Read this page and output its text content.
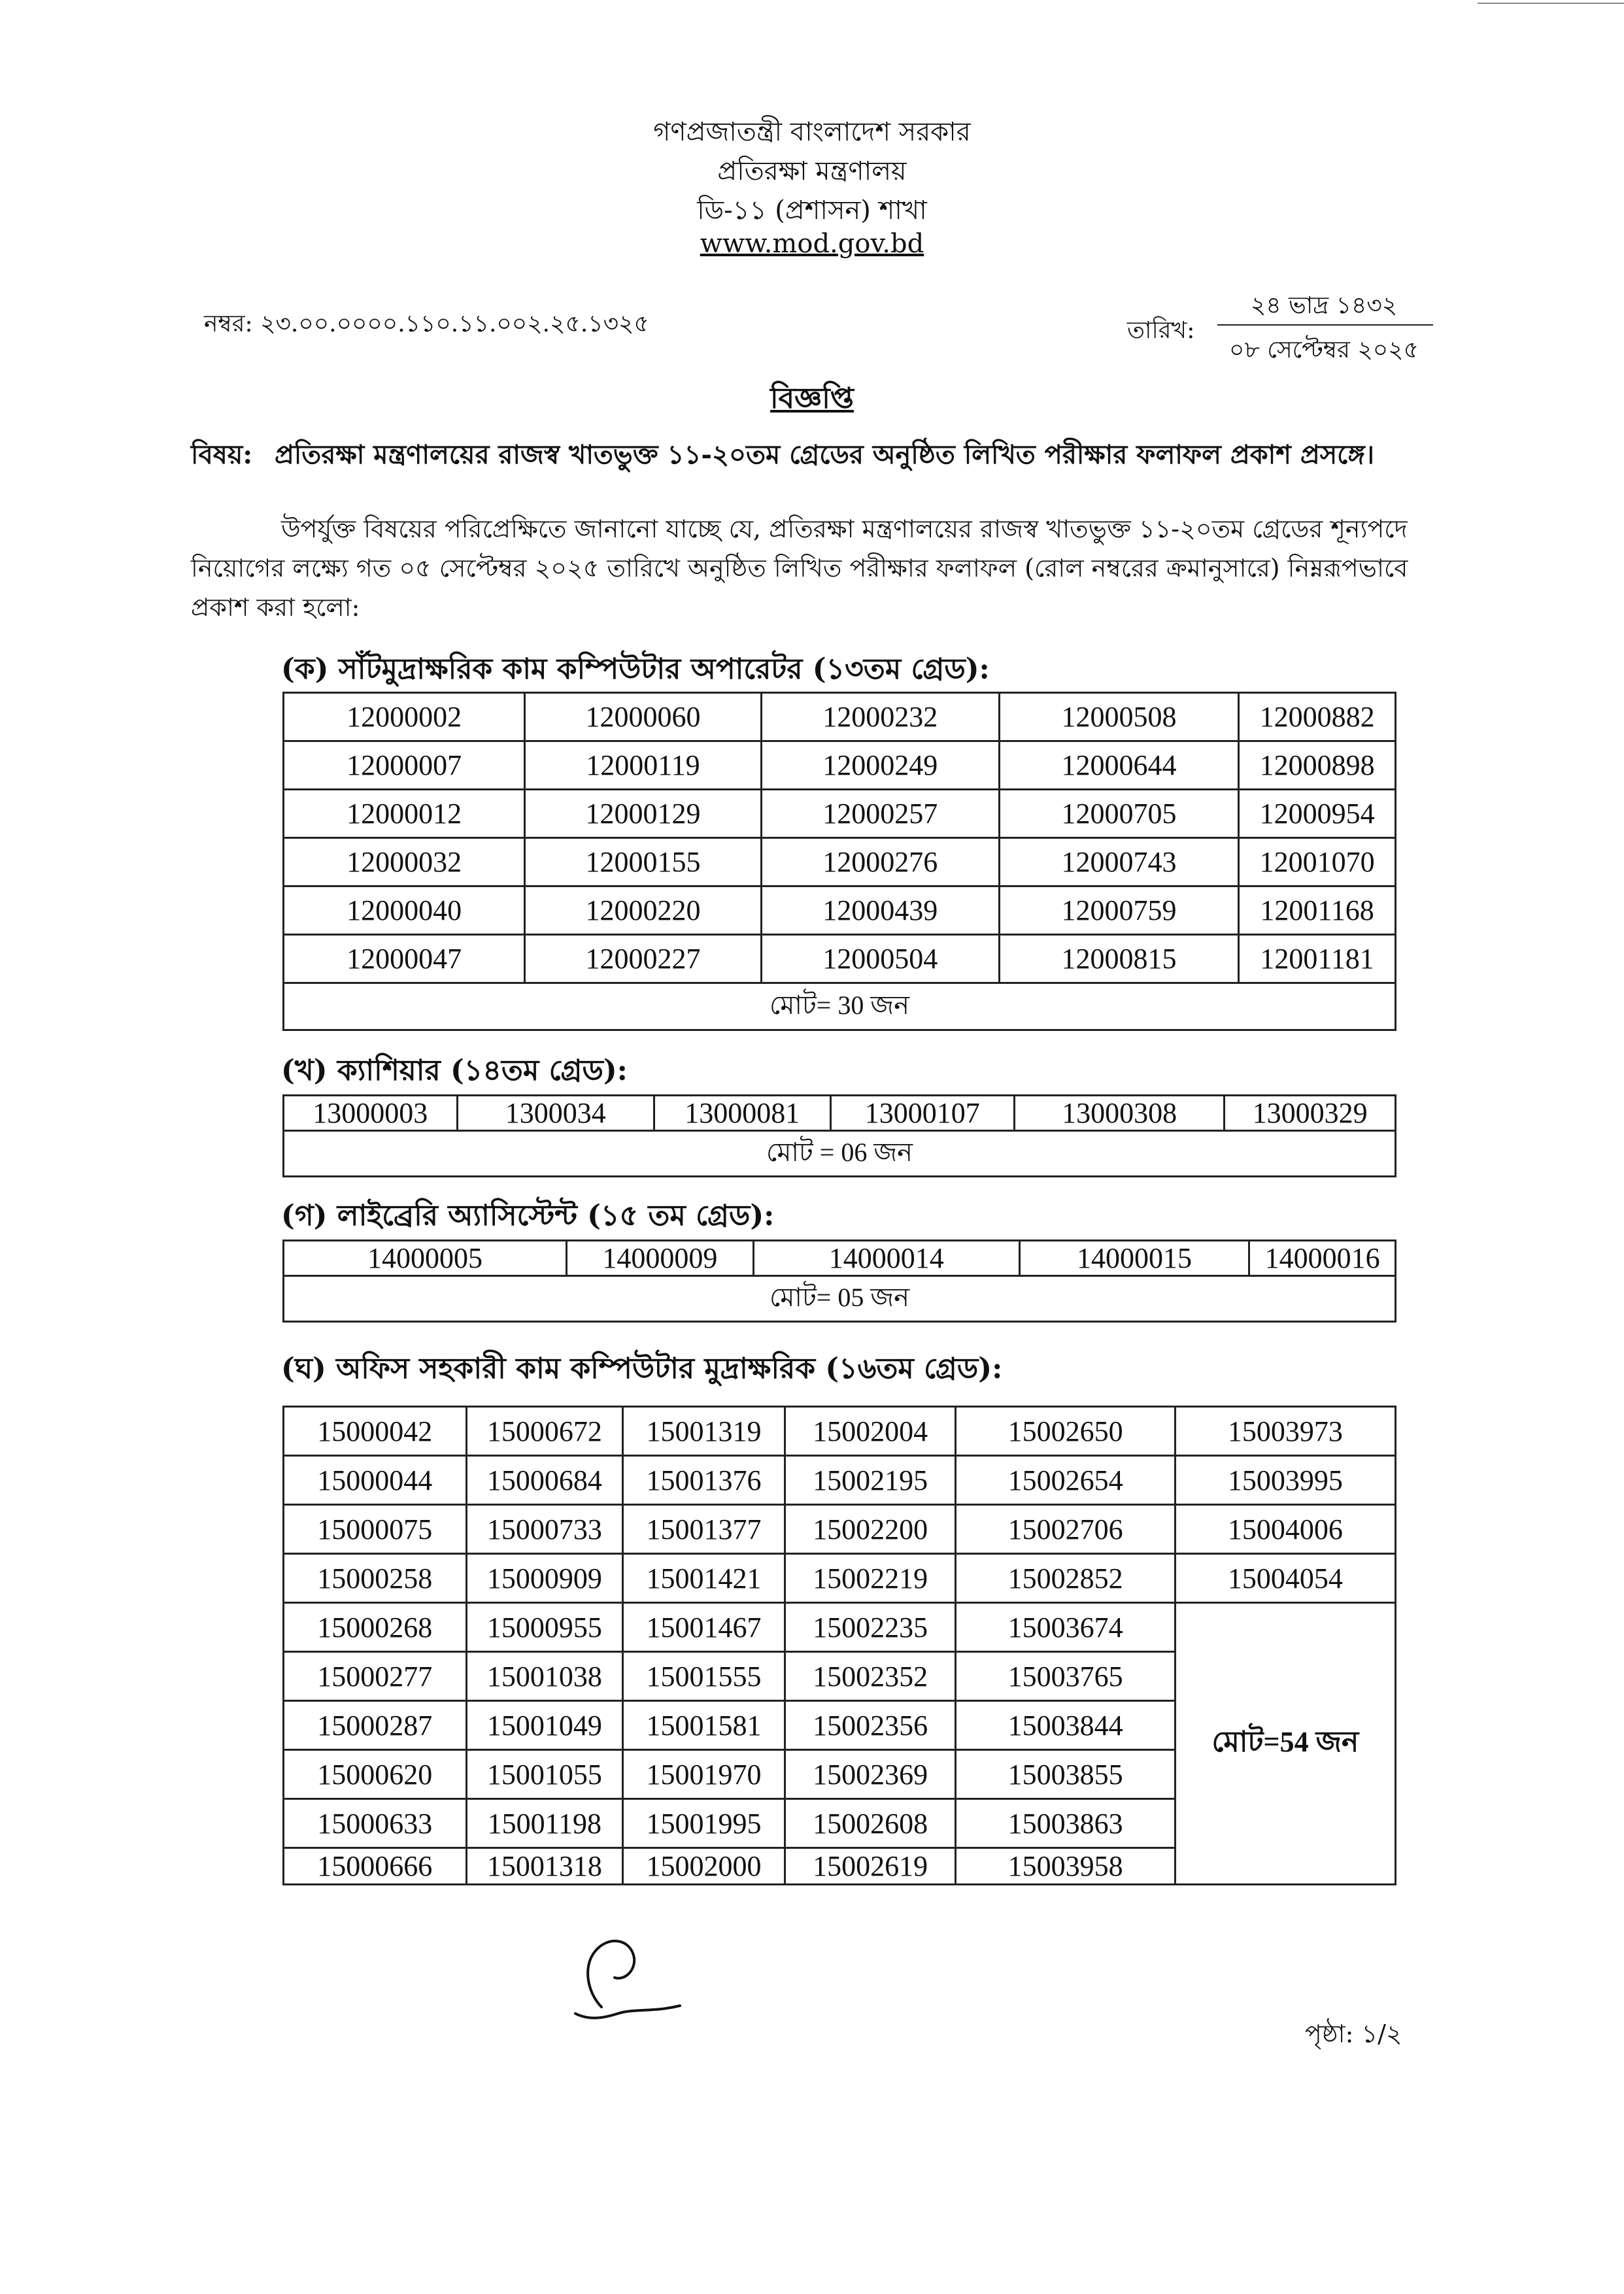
গণপ্রজাতন্ত্রী বাংলাদেশ সরকার
প্রতিরক্ষা মন্ত্রণালয়
ডি-১১ (প্রশাসন) শাখা
www.mod.gov.bd
নম্বর: ২৩.০০.০০০০.১১০.১১.০০২.২৫.১৩২৫	তারিখ:
২৪ ভাদ্র ১৪৩২
০৮ সেপ্টেম্বর ২০২৫
বিজ্ঞপ্তি
বিষয়: প্রতিরক্ষা মন্ত্রণালয়ের রাজস্ব খাতভুক্ত ১১-২০তম গ্রেডের অনুষ্ঠিত লিখিত পরীক্ষার ফলাফল প্রকাশ প্রসঙ্গে।
উপর্যুক্ত বিষয়ের পরিপ্রেক্ষিতে জানানো যাচ্ছে যে, প্রতিরক্ষা মন্ত্রণালয়ের রাজস্ব খাতভুক্ত ১১-২০তম গ্রেডের শূন্যপদে
নিয়োগের লক্ষ্যে গত ০৫ সেপ্টেম্বর ২০২৫ তারিখে অনুষ্ঠিত লিখিত পরীক্ষার ফলাফল (রোল নম্বরের ক্রমানুসারে) নিম্নরূপভাবে
প্রকাশ করা হলো:
(ক) সাঁটমুদ্রাক্ষরিক কাম কম্পিউটার অপারেটর (১৩তম গ্রেড):
12000002	12000060	12000232	12000508	12000882
12000007	12000119	12000249	12000644	12000898
12000012	12000129	12000257	12000705	12000954
12000032	12000155	12000276	12000743	12001070
12000040	12000220	12000439	12000759	12001168
12000047	12000227	12000504	12000815	12001181
মোট= 30 জন				
(খ) ক্যাশিয়ার (১৪তম গ্রেড):
13000003	1300034	13000081	13000107	13000308	13000329
মোট = 06 জন
(গ) লাইব্রেরি অ্যাসিস্টেন্ট (১৫ তম গ্রেড):
14000005	14000009	14000014	14000015	14000016
মোট= 05 জন
(ঘ) অফিস সহকারী কাম কম্পিউটার মুদ্রাক্ষরিক (১৬তম গ্রেড):
15000042	15000672	15001319	15002004	15002650	15003973
15000044	15000684	15001376	15002195	15002654	15003995
15000075	15000733	15001377	15002200	15002706	15004006
15000258	15000909	15001421	15002219	15002852	15004054
15000268	15000955	15001467	15002235	15003674	মোট=54 জন
15000277	15001038	15001555	15002352	15003765	
15000287	15001049	15001581	15002356	15003844	
15000620	15001055	15001970	15002369	15003855	
15000633	15001198	15001995	15002608	15003863	
15000666	15001318	15002000	15002619	15003958	
পৃষ্ঠা: ১/২
